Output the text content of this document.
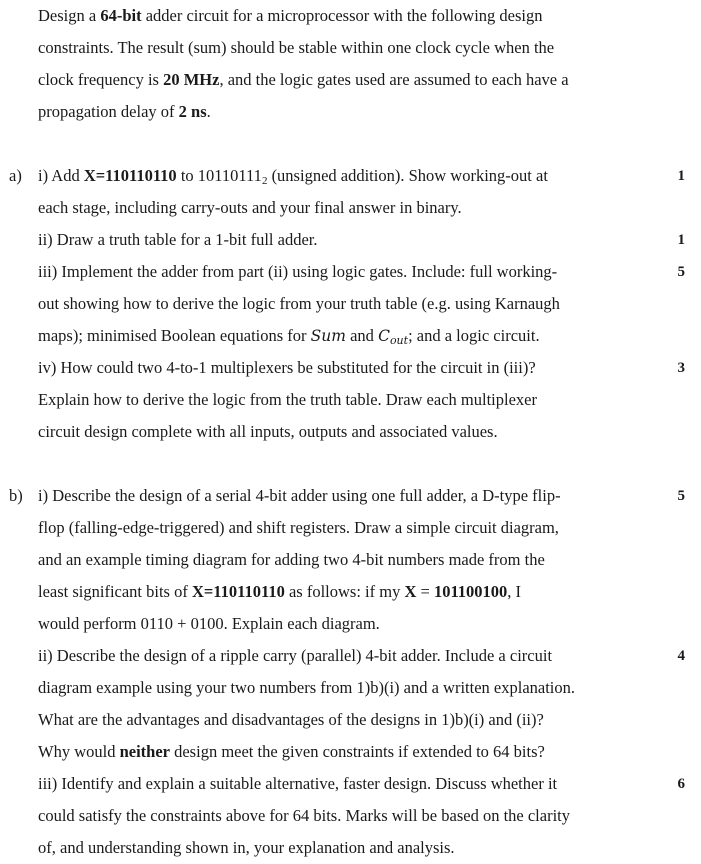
Design a 64-bit adder circuit for a microprocessor with the following design
constraints. The result (sum) should be stable within one clock cycle when the
clock frequency is 20 MHz, and the logic gates used are assumed to each have a
propagation delay of 2 ns.
a) i) Add X=110110110 to $10110111_2$ (unsigned addition). Show working-out at	1
each stage, including carry-outs and your final answer in binary.
ii) Draw a truth table for a 1-bit full adder.	1
iii) Implement the adder from part (ii) using logic gates. Include: full working-	5
out showing how to derive the logic from your truth table (e.g. using Karnaugh
maps); minimised Boolean equations for Sum and $C_{out}$; and a logic circuit.
iv) How could two 4-to-1 multiplexers be substituted for the circuit in (iii)?	3
Explain how to derive the logic from the truth table. Draw each multiplexer
circuit design complete with all inputs, outputs and associated values.
b) i) Describe the design of a serial 4-bit adder using one full adder, a D-type flip-	5
flop (falling-edge-triggered) and shift registers. Draw a simple circuit diagram,
and an example timing diagram for adding two 4-bit numbers made from the
least significant bits of X=110110110 as follows: if my X = 101100100, I
would perform 0110 + 0100. Explain each diagram.
ii) Describe the design of a ripple carry (parallel) 4-bit adder. Include a circuit	4
diagram example using your two numbers from 1)b)(i) and a written explanation.
What are the advantages and disadvantages of the designs in 1)b)(i) and (ii)?
Why would neither design meet the given constraints if extended to 64 bits?
iii) Identify and explain a suitable alternative, faster design. Discuss whether it	6
could satisfy the constraints above for 64 bits. Marks will be based on the clarity
of, and understanding shown in, your explanation and analysis.
